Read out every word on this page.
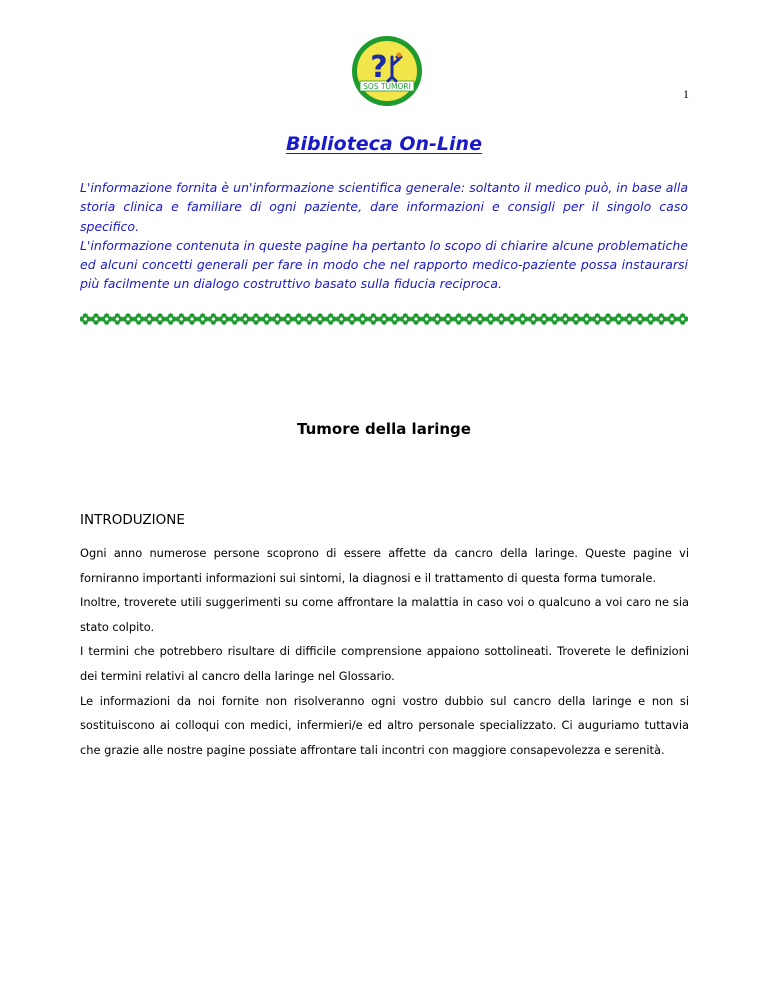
?
SOS TUMORI
1
Biblioteca On-Line

L'informazione fornita è un'informazione scientifica generale: soltanto il medico può, in base alla storia clinica e familiare di ogni paziente, dare informazioni e consigli per il singolo caso specifico.

L'informazione contenuta in queste pagine ha pertanto lo scopo di chiarire alcune problematiche ed alcuni concetti generali per fare in modo che nel rapporto medico-paziente possa instaurarsi più facilmente un dialogo costruttivo basato sulla fiducia reciproca.

Tumore della laringe
INTRODUZIONE

Ogni anno numerose persone scoprono di essere affette da cancro della laringe. Queste pagine vi forniranno importanti informazioni sui sintomi, la diagnosi e il trattamento di questa forma tumorale.

Inoltre, troverete utili suggerimenti su come affrontare la malattia in caso voi o qualcuno a voi caro ne sia stato colpito.

I termini che potrebbero risultare di difficile comprensione appaiono sottolineati. Troverete le definizioni dei termini relativi al cancro della laringe nel Glossario.

Le informazioni da noi fornite non risolveranno ogni vostro dubbio sul cancro della laringe e non si sostituiscono ai colloqui con medici, infermieri/e ed altro personale specializzato. Ci auguriamo tuttavia che grazie alle nostre pagine possiate affrontare tali incontri con maggiore consapevolezza e serenità.
